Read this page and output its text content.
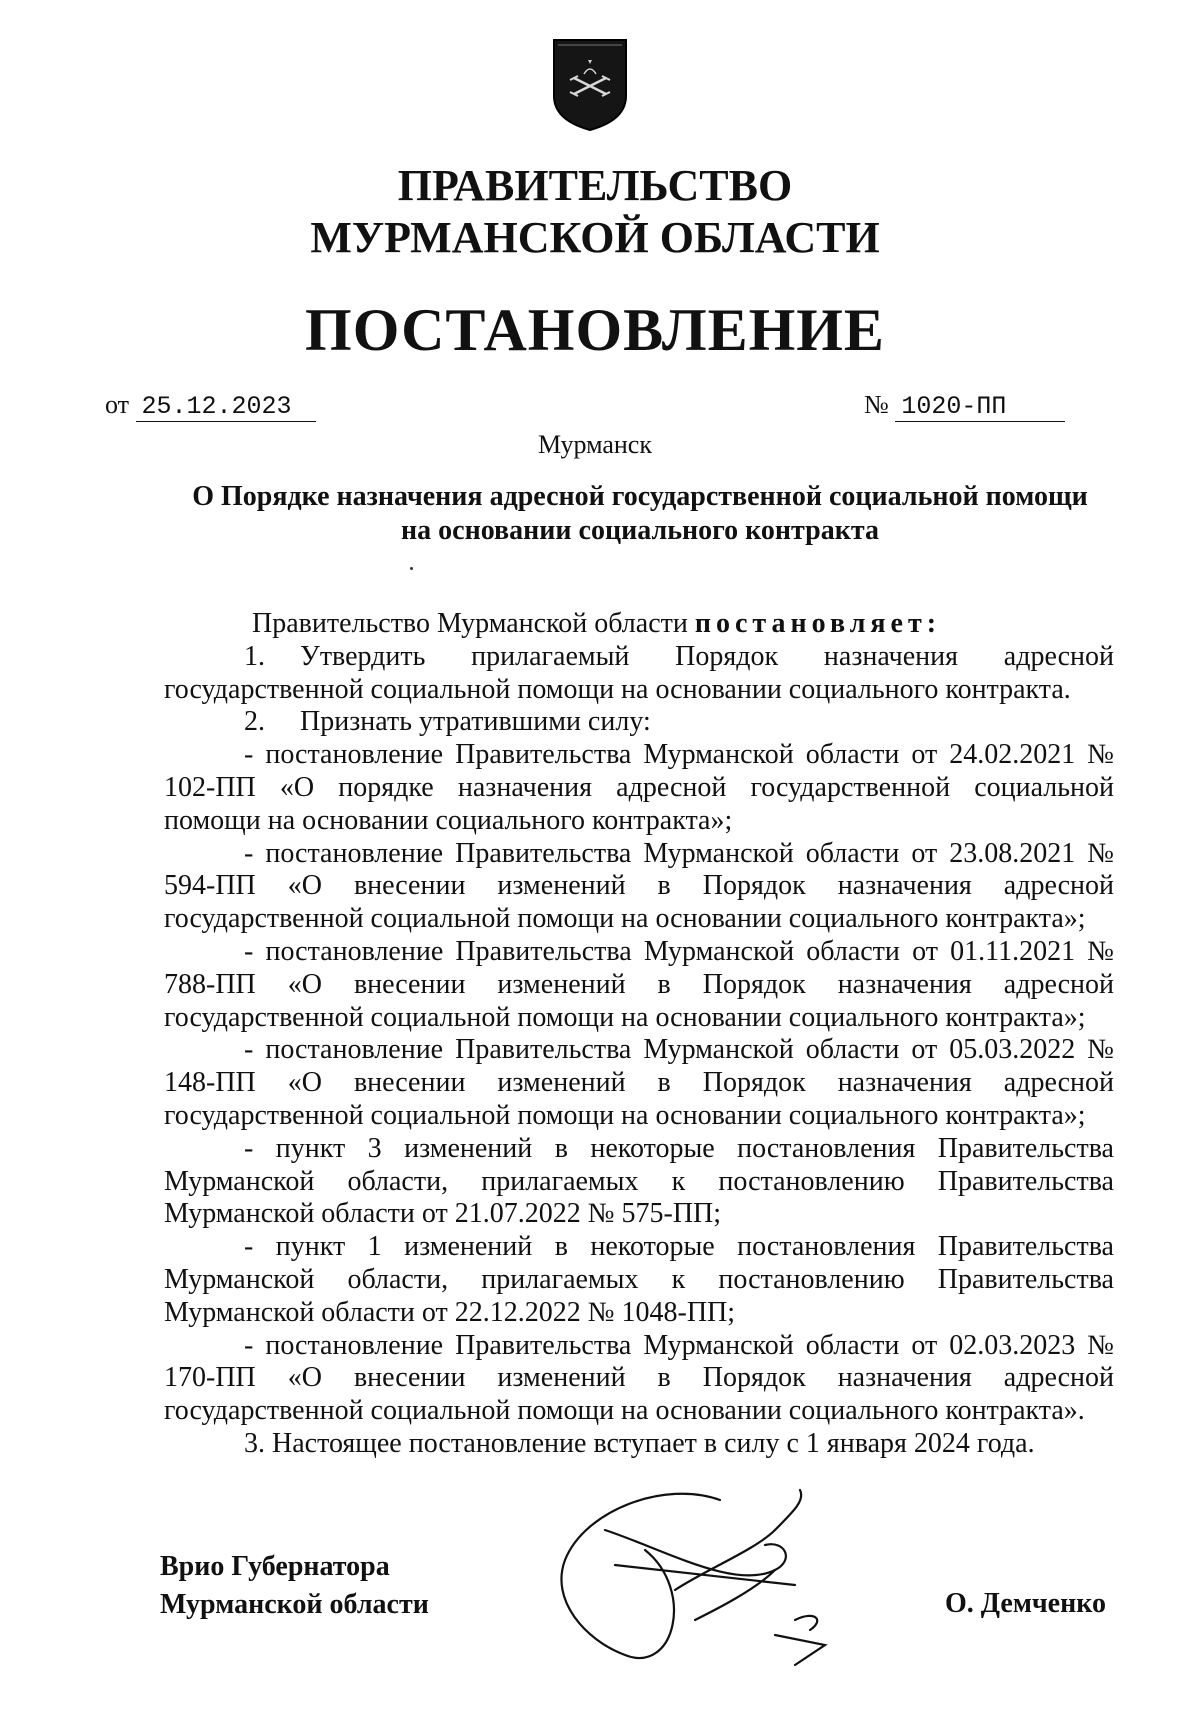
ПРАВИТЕЛЬСТВО
МУРМАНСКОЙ ОБЛАСТИ
ПОСТАНОВЛЕНИЕ
от 25.12.2023	№ 1020-ПП
Мурманск
О Порядке назначения адресной государственной социальной помощи
на основании социального контракта

Правительство Мурманской области постановляет:

1. Утвердить прилагаемый Порядок назначения адресной государственной социальной помощи на основании социального контракта.

2. Признать утратившими силу:

- постановление Правительства Мурманской области от 24.02.2021 № 102-ПП «О порядке назначения адресной государственной социальной помощи на основании социального контракта»;

- постановление Правительства Мурманской области от 23.08.2021 № 594-ПП «О внесении изменений в Порядок назначения адресной государственной социальной помощи на основании социального контракта»;

- постановление Правительства Мурманской области от 01.11.2021 № 788-ПП «О внесении изменений в Порядок назначения адресной государственной социальной помощи на основании социального контракта»;

- постановление Правительства Мурманской области от 05.03.2022 № 148-ПП «О внесении изменений в Порядок назначения адресной государственной социальной помощи на основании социального контракта»;

- пункт 3 изменений в некоторые постановления Правительства Мурманской области, прилагаемых к постановлению Правительства Мурманской области от 21.07.2022 № 575-ПП;

- пункт 1 изменений в некоторые постановления Правительства Мурманской области, прилагаемых к постановлению Правительства Мурманской области от 22.12.2022 № 1048-ПП;

- постановление Правительства Мурманской области от 02.03.2023 № 170-ПП «О внесении изменений в Порядок назначения адресной государственной социальной помощи на основании социального контракта».

3. Настоящее постановление вступает в силу с 1 января 2024 года.

Врио Губернатора
Мурманской области	О. Демченко
